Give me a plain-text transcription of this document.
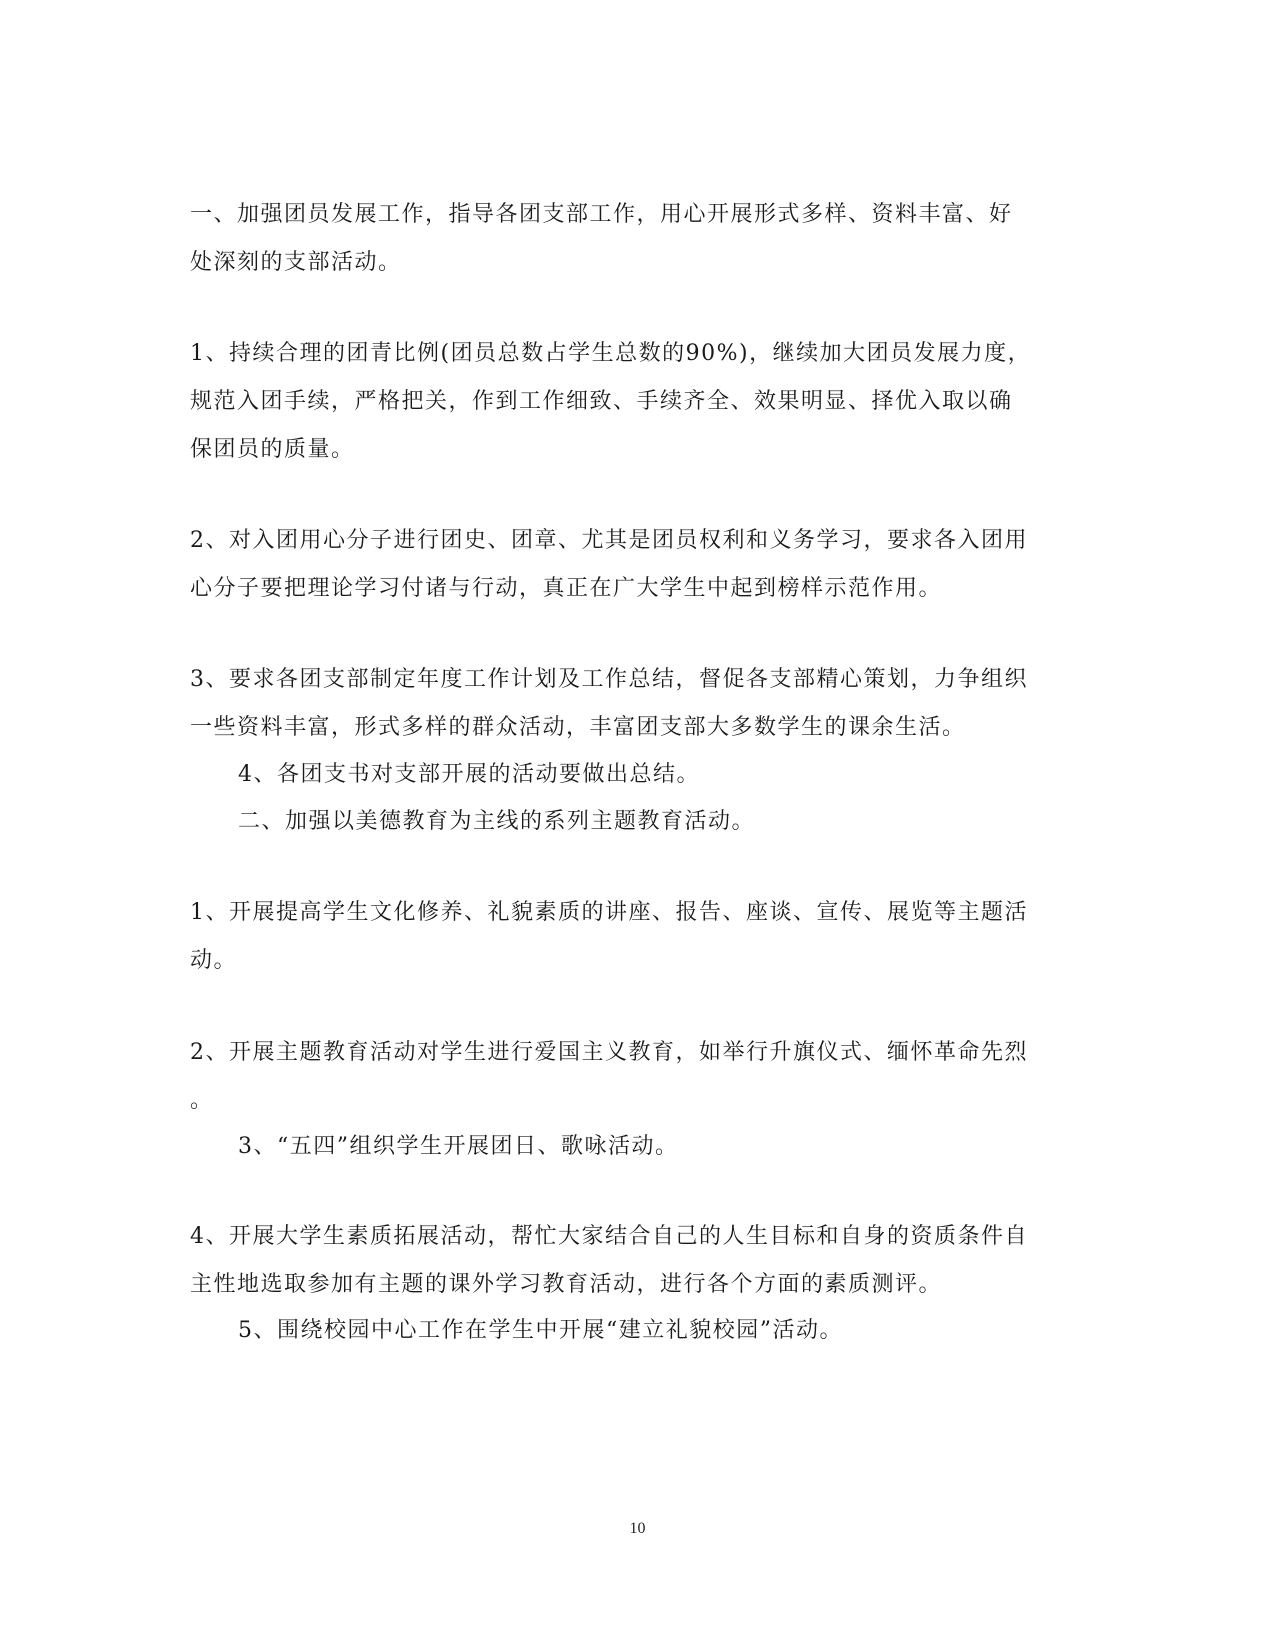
一、加强团员发展工作，指导各团支部工作，用心开展形式多样、资料丰富、好
处深刻的支部活动。
1、持续合理的团青比例(团员总数占学生总数的90%)，继续加大团员发展力度，
规范入团手续，严格把关，作到工作细致、手续齐全、效果明显、择优入取以确
保团员的质量。
2、对入团用心分子进行团史、团章、尤其是团员权利和义务学习，要求各入团用
心分子要把理论学习付诸与行动，真正在广大学生中起到榜样示范作用。
3、要求各团支部制定年度工作计划及工作总结，督促各支部精心策划，力争组织
一些资料丰富，形式多样的群众活动，丰富团支部大多数学生的课余生活。
4、各团支书对支部开展的活动要做出总结。
二、加强以美德教育为主线的系列主题教育活动。
1、开展提高学生文化修养、礼貌素质的讲座、报告、座谈、宣传、展览等主题活
动。
2、开展主题教育活动对学生进行爱国主义教育，如举行升旗仪式、缅怀革命先烈
。
3、“五四”组织学生开展团日、歌咏活动。
4、开展大学生素质拓展活动，帮忙大家结合自己的人生目标和自身的资质条件自
主性地选取参加有主题的课外学习教育活动，进行各个方面的素质测评。
5、围绕校园中心工作在学生中开展“建立礼貌校园”活动。
10
